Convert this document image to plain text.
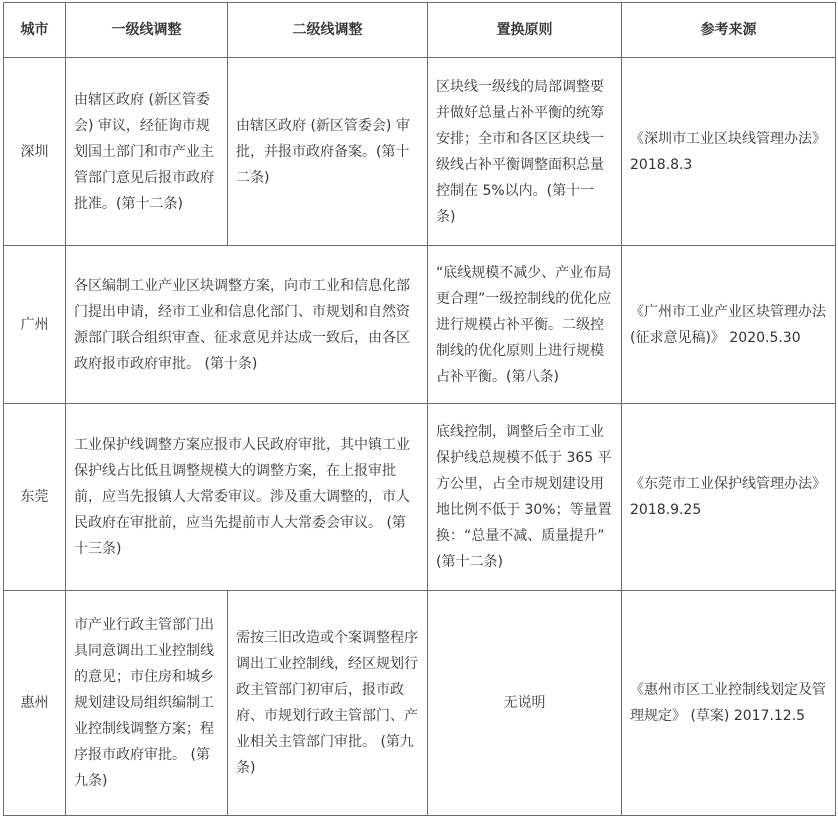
城市	一级线调整	二级线调整	置换原则	参考来源
深圳	由辖区政府 (新区管委会) 审议，经征询市规划国土部门和市产业主管部门意见后报市政府批准。(第十二条)	由辖区政府 (新区管委会) 审批，并报市政府备案。(第十二条)	区块线一级线的局部调整要并做好总量占补平衡的统筹安排；全市和各区区块线一级线占补平衡调整面积总量控制在 5%以内。(第十一条)	《深圳市工业区块线管理办法》2018.8.3
广州	各区编制工业产业区块调整方案，向市工业和信息化部门提出申请，经市工业和信息化部门、市规划和自然资源部门联合组织审查、征求意见并达成一致后，由各区政府报市政府审批。 (第十条)		“底线规模不减少、产业布局更合理”一级控制线的优化应进行规模占补平衡。二级控制线的优化原则上进行规模占补平衡。(第八条)	《广州市工业产业区块管理办法(征求意见稿)》 2020.5.30
东莞	工业保护线调整方案应报市人民政府审批，其中镇工业保护线占比低且调整规模大的调整方案，在上报审批前，应当先报镇人大常委审议。涉及重大调整的，市人民政府在审批前，应当先提前市人大常委会审议。 (第十三条)		底线控制，调整后全市工业保护线总规模不低于 365 平方公里，占全市规划建设用地比例不低于 30%；等量置换：“总量不减、质量提升” (第十二条)	《东莞市工业保护线管理办法》2018.9.25
惠州	市产业行政主管部门出具同意调出工业控制线的意见；市住房和城乡规划建设局组织编制工业控制线调整方案；程序报市政府审批。 (第九条)	需按三旧改造或个案调整程序调出工业控制线，经区规划行政主管部门初审后，报市政府、市规划行政主管部门、产业相关主管部门审批。 (第九条)	无说明	《惠州市区工业控制线划定及管理规定》 (草案) 2017.12.5
